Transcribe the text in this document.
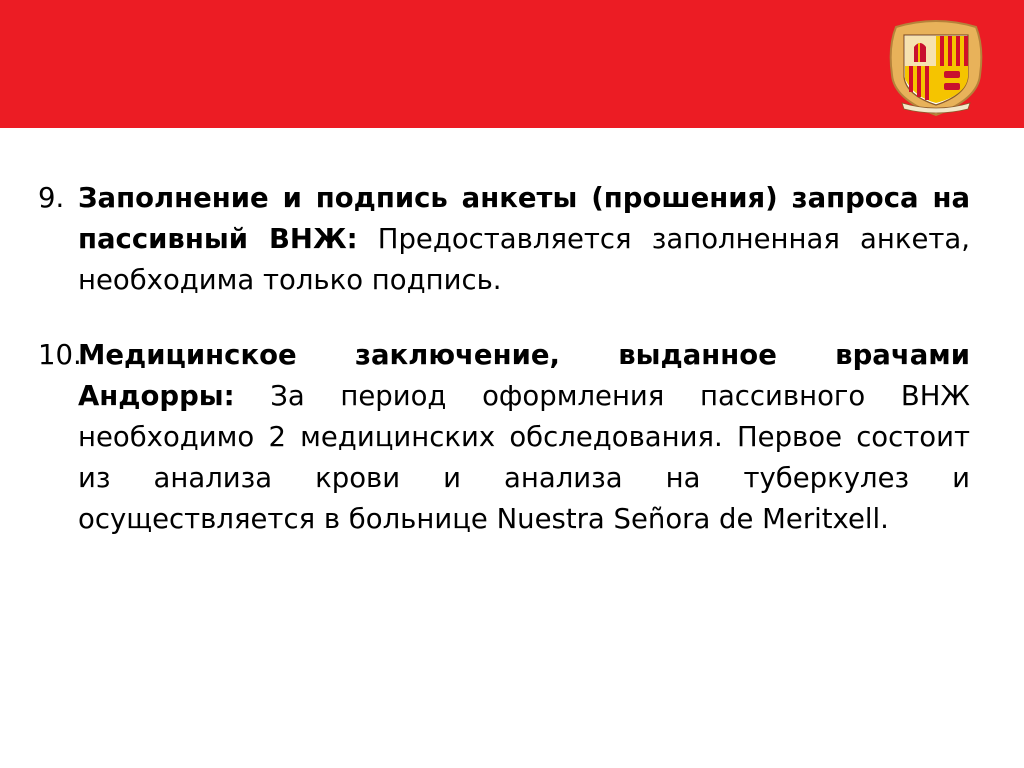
9. Заполнение и подпись анкеты (прошения) запроса на пассивный ВНЖ: Предоставляется заполненная анкета, необходима только подпись.
10.
Медицинское заключение, выданное врачами Андорры: За период оформления пассивного ВНЖ необходимо 2 медицинских обследования. Первое состоит из анализа крови и анализа на туберкулез и осуществляется в больнице Nuestra Señora de Meritxell.
